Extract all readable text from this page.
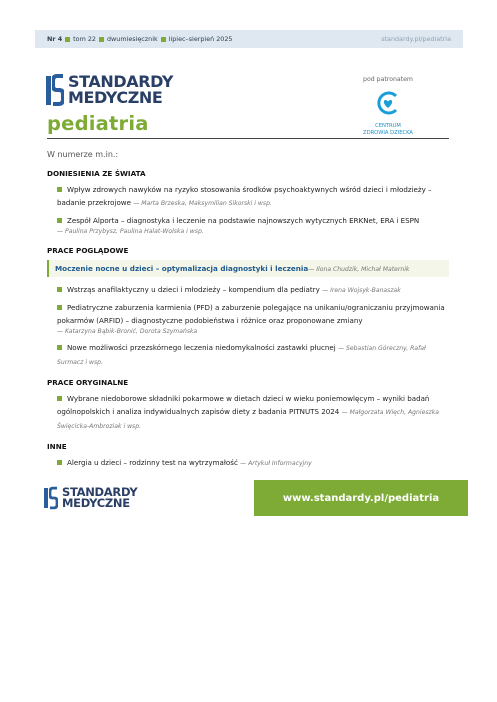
Nr 4 tom 22 dwumiesięcznik lipiec–sierpień 2025	standardy.pl/pediatria
STANDARDY
MEDYCZNE
pediatria
pod patronatem
CENTRUM
ZDROWIA DZIECKA
W numerze m.in.:
DONIESIENIA ZE ŚWIATA
Wpływ zdrowych nawyków na ryzyko stosowania środków psychoaktywnych wśród dzieci i młodzieży – badanie przekrojowe — Marta Brzeska, Maksymilian Sikorski i wsp.
Zespół Alporta – diagnostyka i leczenie na podstawie najnowszych wytycznych ERKNet, ERA i ESPN
— Paulina Przybysz, Paulina Halat-Wolska i wsp.
PRACE POGLĄDOWE
Moczenie nocne u dzieci – optymalizacja diagnostyki i leczenia— Ilona Chudzik, Michał Maternik
Wstrząs anafilaktyczny u dzieci i młodzieży – kompendium dla pediatry — Irena Wojsyk-Banaszak
Pediatryczne zaburzenia karmienia (PFD) a zaburzenie polegające na unikaniu/ograniczaniu przyjmowania pokarmów (ARFID) – diagnostyczne podobieństwa i różnice oraz proponowane zmiany
— Katarzyna Bąbik-Bronić, Dorota Szymańska
Nowe możliwości przezskórnego leczenia niedomykalności zastawki płucnej — Sebastian Góreczny, Rafał Surmacz i wsp.
PRACE ORYGINALNE
Wybrane niedoborowe składniki pokarmowe w dietach dzieci w wieku poniemowlęcym – wyniki badań ogólnopolskich i analiza indywidualnych zapisów diety z badania PITNUTS 2024 — Małgorzata Więch, Agnieszka Święcicka-Ambroziak i wsp.
INNE
Alergia u dzieci – rodzinny test na wytrzymałość — Artykuł Informacyjny
STANDARDY
MEDYCZNE	www.standardy.pl/pediatria
